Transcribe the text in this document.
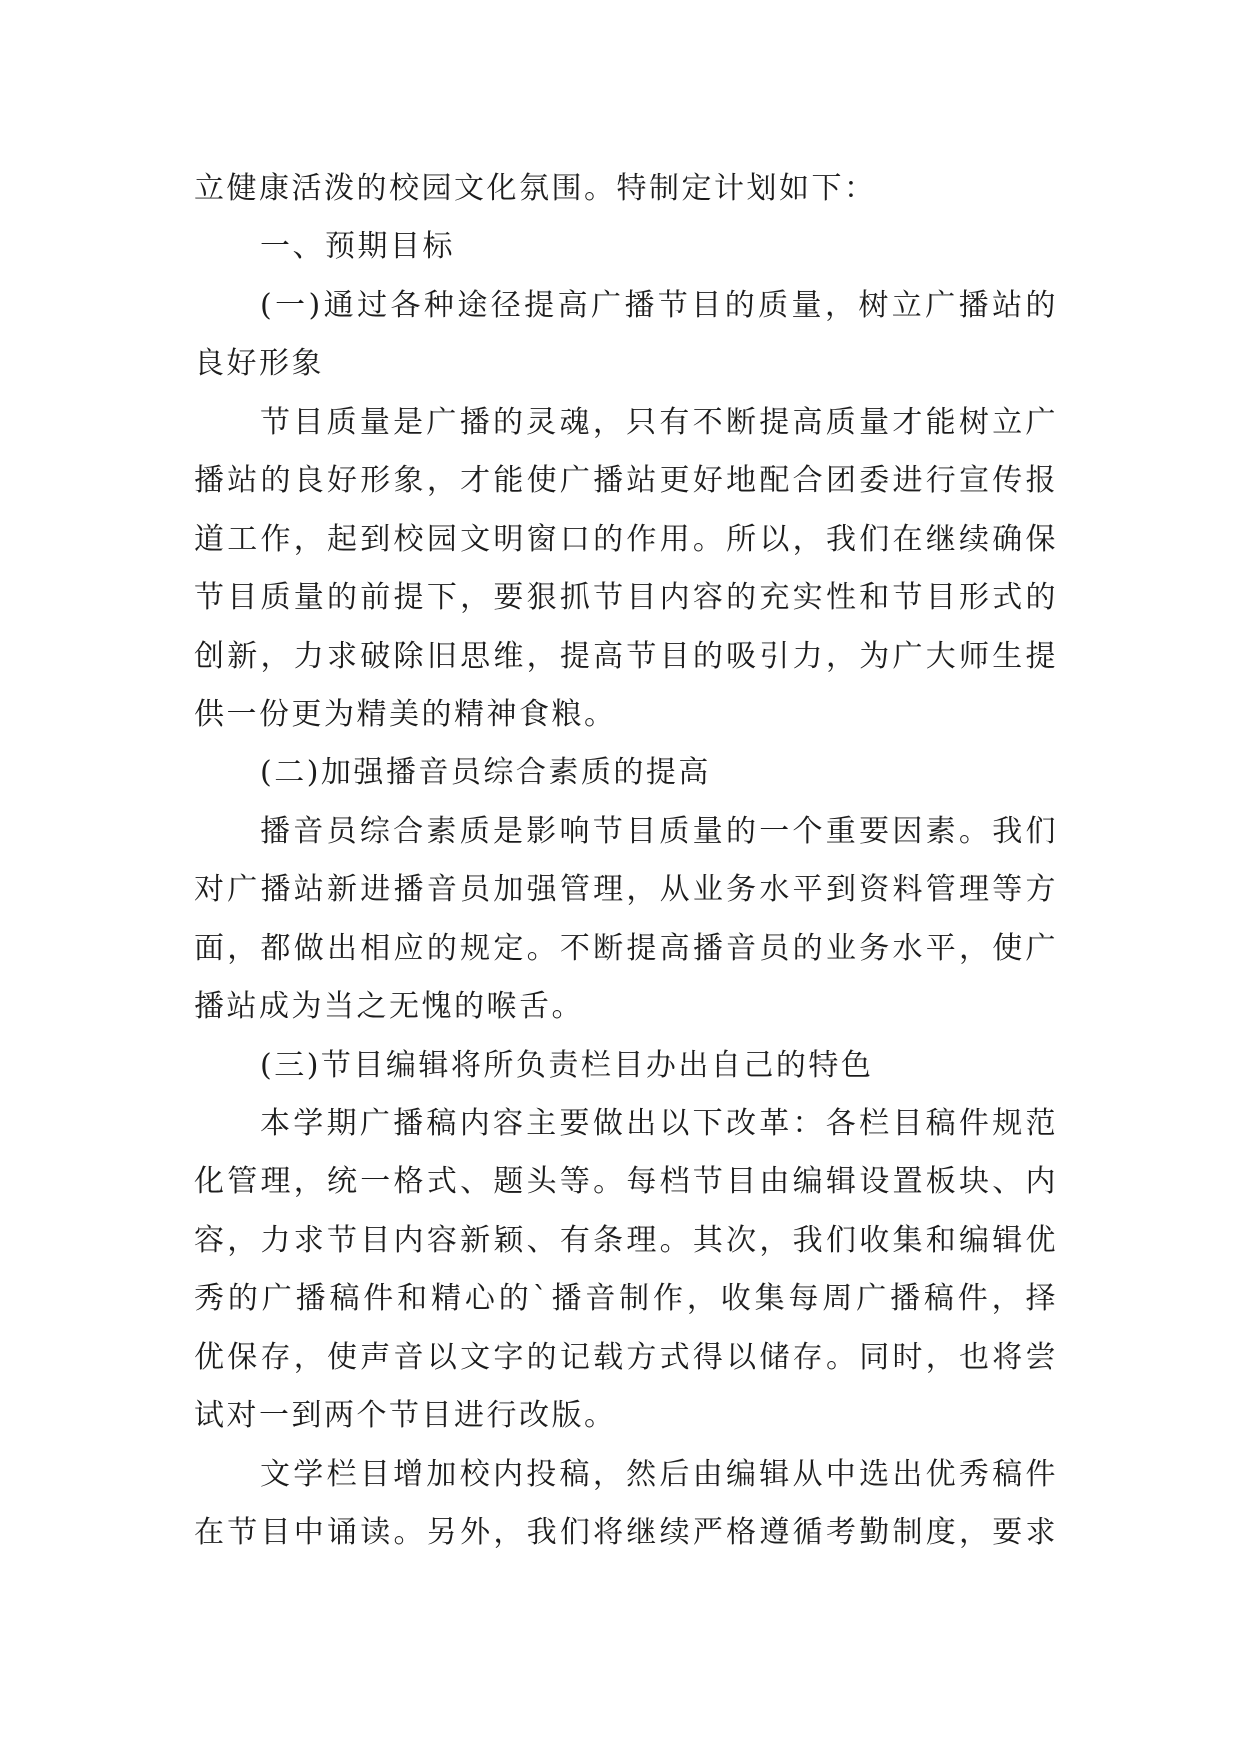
立健康活泼的校园文化氛围。特制定计划如下：
一、预期目标
(一)通过各种途径提高广播节目的质量，树立广播站的
良好形象
节目质量是广播的灵魂，只有不断提高质量才能树立广
播站的良好形象，才能使广播站更好地配合团委进行宣传报
道工作，起到校园文明窗口的作用。所以，我们在继续确保
节目质量的前提下，要狠抓节目内容的充实性和节目形式的
创新，力求破除旧思维，提高节目的吸引力，为广大师生提
供一份更为精美的精神食粮。
(二)加强播音员综合素质的提高
播音员综合素质是影响节目质量的一个重要因素。我们
对广播站新进播音员加强管理，从业务水平到资料管理等方
面，都做出相应的规定。不断提高播音员的业务水平，使广
播站成为当之无愧的喉舌。
(三)节目编辑将所负责栏目办出自己的特色
本学期广播稿内容主要做出以下改革：各栏目稿件规范
化管理，统一格式、题头等。每档节目由编辑设置板块、内
容，力求节目内容新颖、有条理。其次，我们收集和编辑优
秀的广播稿件和精心的`播音制作，收集每周广播稿件，择
优保存，使声音以文字的记载方式得以储存。同时，也将尝
试对一到两个节目进行改版。
文学栏目增加校内投稿，然后由编辑从中选出优秀稿件
在节目中诵读。另外，我们将继续严格遵循考勤制度，要求
